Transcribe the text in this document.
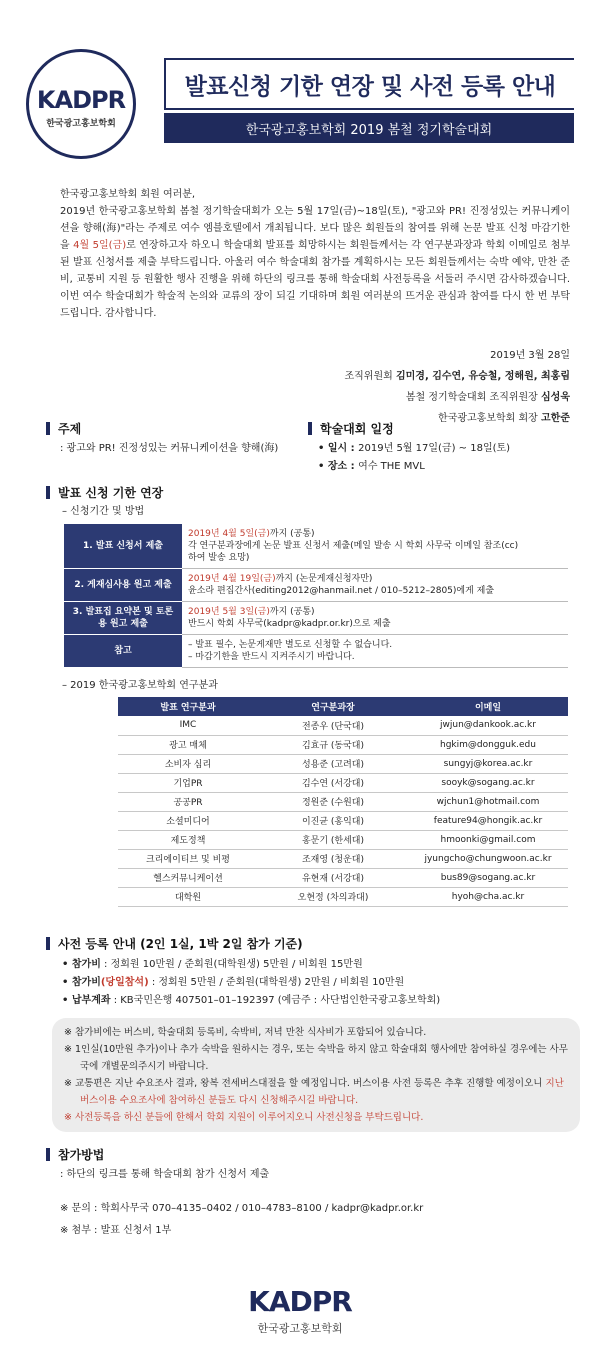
KADPR
한국광고홍보학회
발표신청 기한 연장 및 사전 등록 안내
한국광고홍보학회 2019 봄철 정기학술대회

한국광고홍보학회 회원 여러분,

2019년 한국광고홍보학회 봄철 정기학술대회가 오는 5월 17일(금)~18일(토), "광고와 PR! 진정성있는 커뮤니케이션을 향해(海)"라는 주제로 여수 엠블호텔에서 개최됩니다. 보다 많은 회원들의 참여를 위해 논문 발표 신청 마감기한을 4월 5일(금)로 연장하고자 하오니 학술대회 발표를 희망하시는 회원들께서는 각 연구분과장과 학회 이메일로 첨부된 발표 신청서를 제출 부탁드립니다. 아울러 여수 학술대회 참가를 계획하시는 모든 회원들께서는 숙박 예약, 만찬 준비, 교통비 지원 등 원활한 행사 진행을 위해 하단의 링크를 통해 학술대회 사전등록을 서둘러 주시면 감사하겠습니다. 이번 여수 학술대회가 학술적 논의와 교류의 장이 되길 기대하며 회원 여러분의 뜨거운 관심과 참여를 다시 한 번 부탁드립니다. 감사합니다.

2019년 3월 28일
조직위원회 김미경, 김수연, 유승철, 정해원, 최홍림
봄철 정기학술대회 조직위원장 심성욱
한국광고홍보학회 회장 고한준
주제
: 광고와 PR! 진정성있는 커뮤니케이션을 향해(海)
학술대회 일정
• 일시 : 2019년 5월 17일(금) ~ 18일(토)
• 장소 : 여수 THE MVL
발표 신청 기한 연장
– 신청기간 및 방법
1. 발표 신청서 제출	2019년 4월 5일(금)까지 (공통)
각 연구분과장에게 논문 발표 신청서 제출(메일 발송 시 학회 사무국 이메일 참조(cc)
하여 발송 요망)

2. 게재심사용 원고 제출	2019년 4월 19일(금)까지 (논문게재신청자만)
윤소라 편집간사(editing2012@hanmail.net / 010–5212–2805)에게 제출

3. 발표집 요약본 및 토론용 원고 제출	2019년 5월 3일(금)까지 (공통)
반드시 학회 사무국(kadpr@kadpr.or.kr)으로 제출

참고	– 발표 필수, 논문게재만 별도로 신청할 수 없습니다.
– 마감기한을 반드시 지켜주시기 바랍니다.
– 2019 한국광고홍보학회 연구분과
발표 연구분과	연구분과장	이메일
IMC	전종우 (단국대)	jwjun@dankook.ac.kr
광고 매체	김효규 (동국대)	hgkim@dongguk.edu
소비자 심리	성용준 (고려대)	sungyj@korea.ac.kr
기업PR	김수연 (서강대)	sooyk@sogang.ac.kr
공공PR	정원준 (수원대)	wjchun1@hotmail.com
소셜미디어	이진균 (홍익대)	feature94@hongik.ac.kr
제도정책	홍문기 (한세대)	hmoonki@gmail.com
크리에이티브 및 비평	조재영 (청운대)	jyungcho@chungwoon.ac.kr
헬스커뮤니케이션	유현재 (서강대)	bus89@sogang.ac.kr
대학원	오현정 (차의과대)	hyoh@cha.ac.kr
사전 등록 안내 (2인 1실, 1박 2일 참가 기준)
• 참가비 : 정회원 10만원 / 준회원(대학원생) 5만원 / 비회원 15만원
• 참가비(당일참석) : 정회원 5만원 / 준회원(대학원생) 2만원 / 비회원 10만원
• 납부계좌 : KB국민은행 407501–01–192397 (예금주 : 사단법인한국광고홍보학회)
※ 참가비에는 버스비, 학술대회 등록비, 숙박비, 저녁 만찬 식사비가 포함되어 있습니다.
※ 1인실(10만원 추가)이나 추가 숙박을 원하시는 경우, 또는 숙박을 하지 않고 학술대회 행사에만 참여하실 경우에는 사무국에 개별문의주시기 바랍니다.
※ 교통편은 지난 수요조사 결과, 왕복 전세버스대절을 할 예정입니다. 버스이용 사전 등록은 추후 진행할 예정이오니 지난 버스이용 수요조사에 참여하신 분들도 다시 신청해주시길 바랍니다.
※ 사전등록을 하신 분들에 한해서 학회 지원이 이루어지오니 사전신청을 부탁드립니다.
참가방법
: 하단의 링크를 통해 학술대회 참가 신청서 제출
※ 문의 : 학회사무국 070–4135–0402 / 010–4783–8100 / kadpr@kadpr.or.kr
※ 첨부 : 발표 신청서 1부
KADPR
한국광고홍보학회
